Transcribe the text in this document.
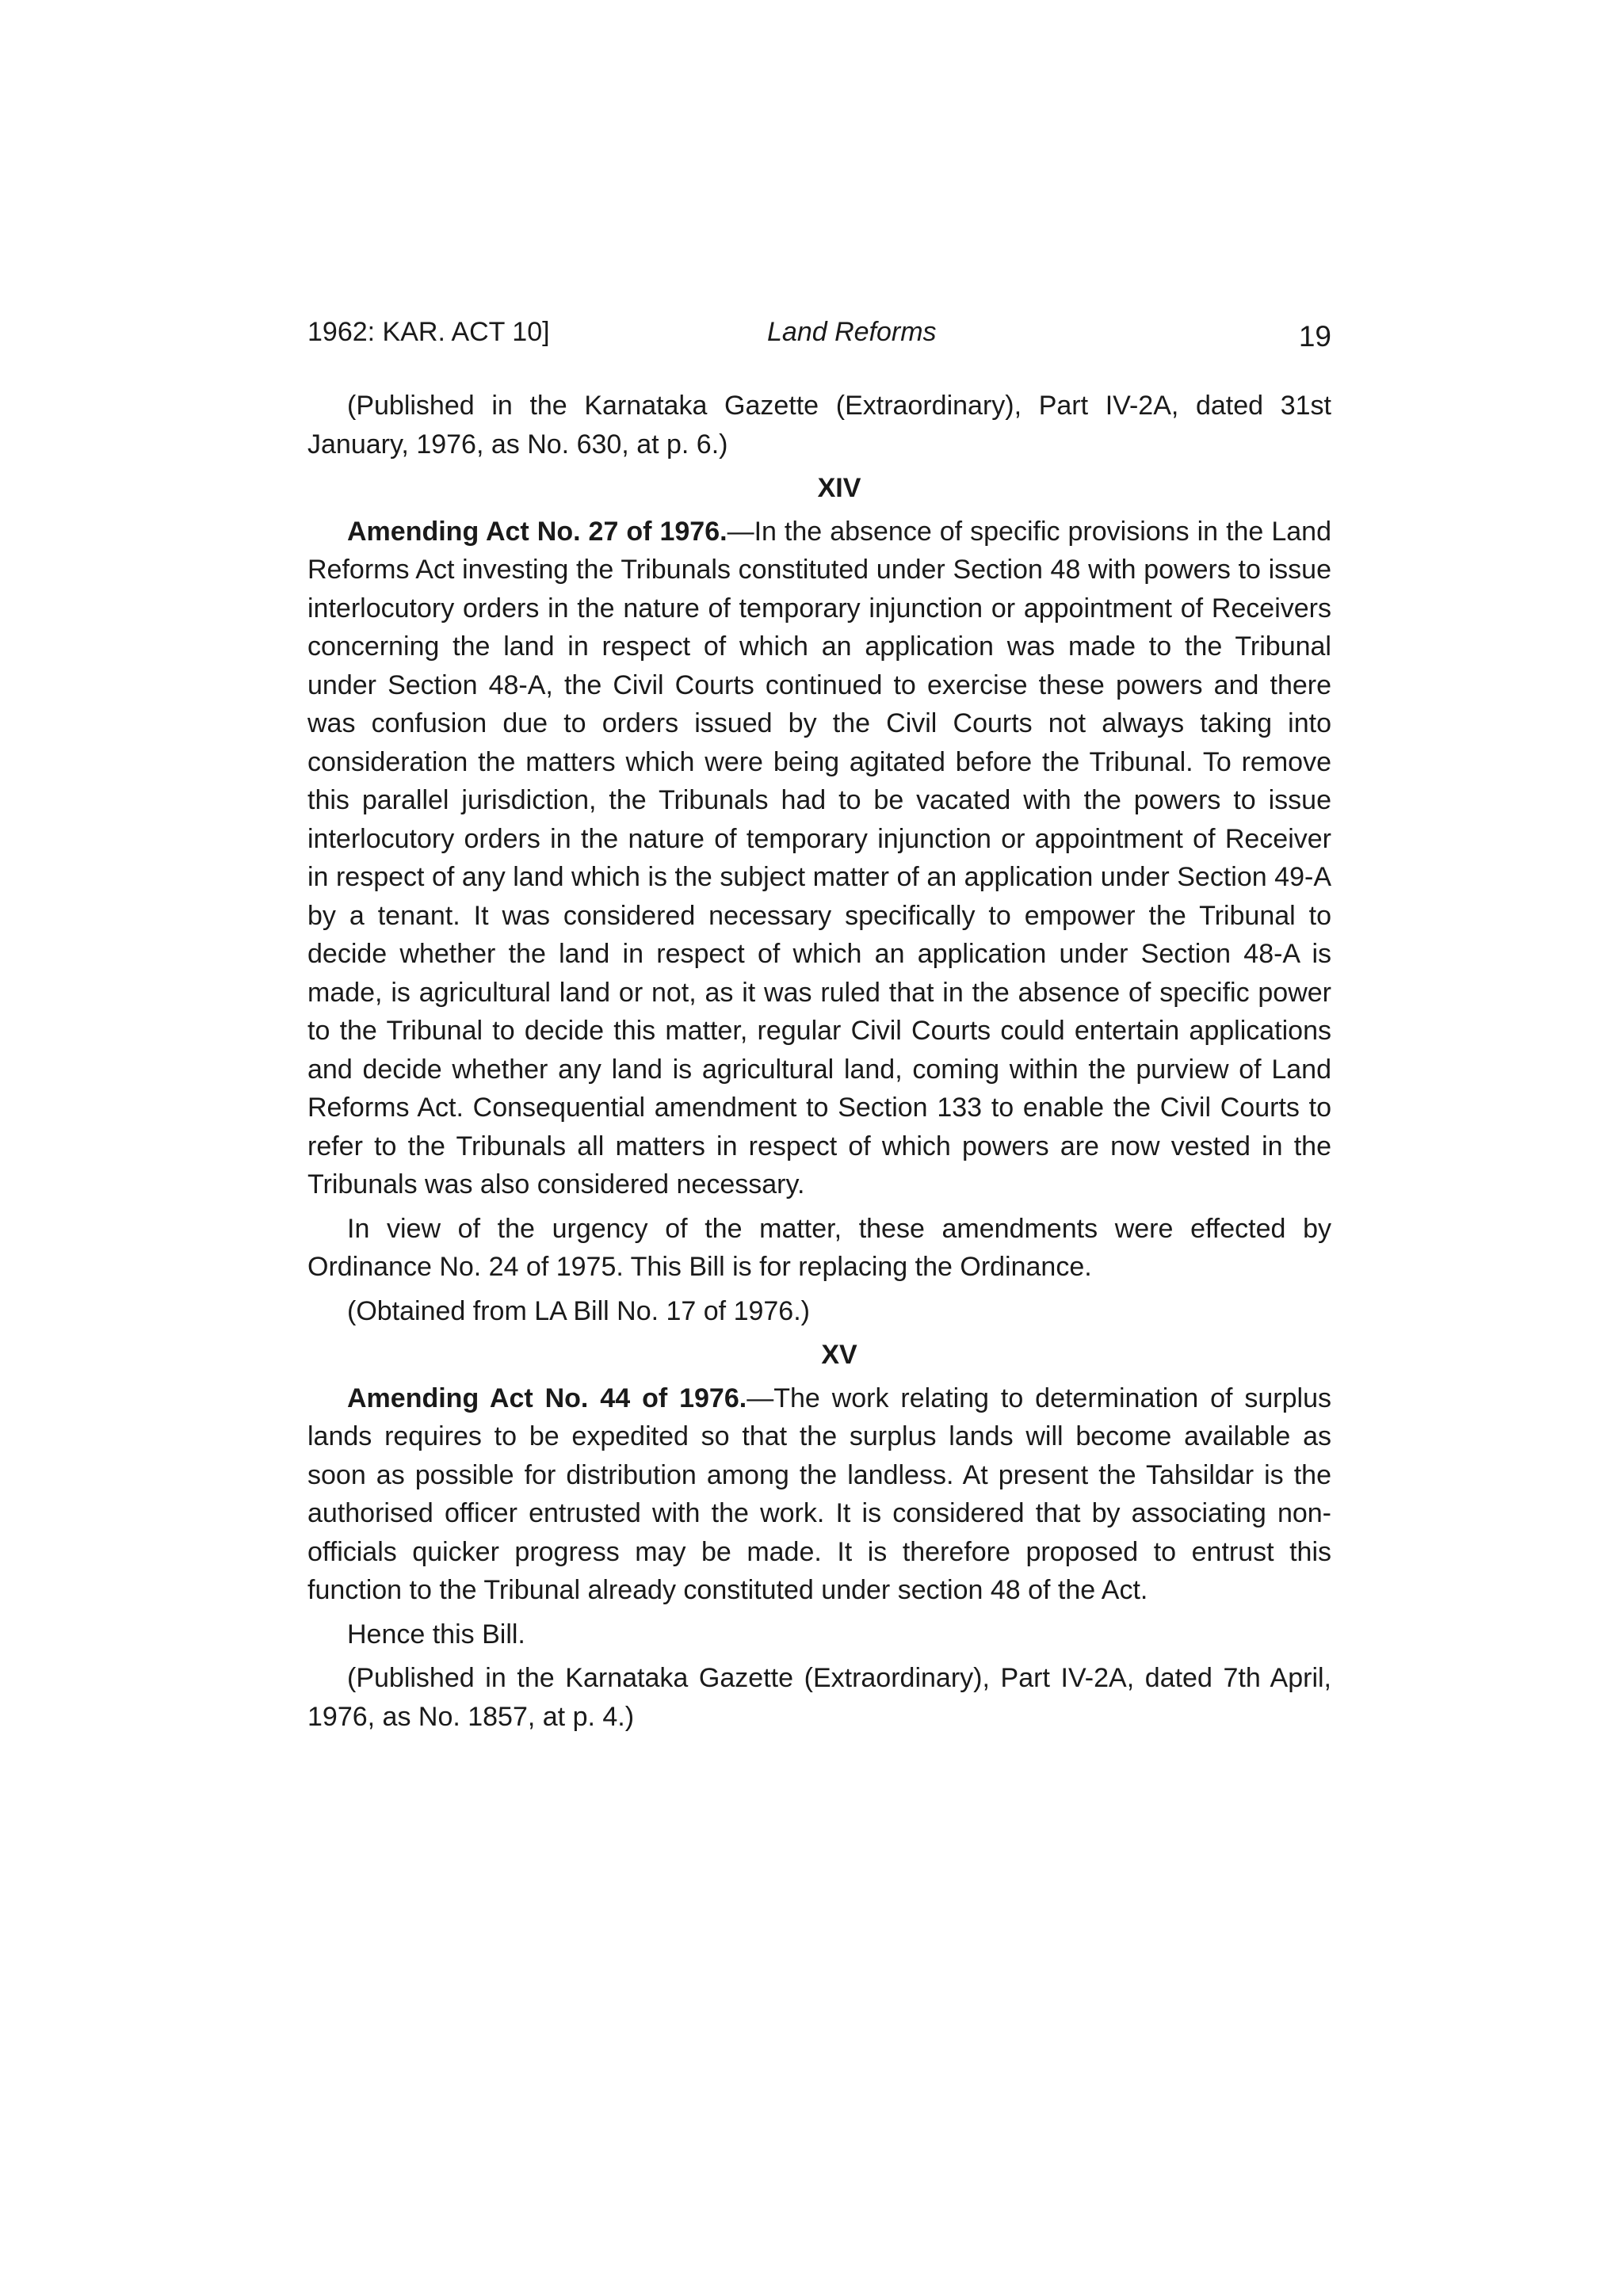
1962: KAR. ACT 10]	Land Reforms	19

(Published in the Karnataka Gazette (Extraordinary), Part IV-2A, dated 31st January, 1976, as No. 630, at p. 6.)

XIV

Amending Act No. 27 of 1976.—In the absence of specific provisions in the Land Reforms Act investing the Tribunals constituted under Section 48 with powers to issue interlocutory orders in the nature of temporary injunction or appointment of Receivers concerning the land in respect of which an application was made to the Tribunal under Section 48-A, the Civil Courts continued to exercise these powers and there was confusion due to orders issued by the Civil Courts not always taking into consideration the matters which were being agitated before the Tribunal. To remove this parallel jurisdiction, the Tribunals had to be vacated with the powers to issue interlocutory orders in the nature of temporary injunction or appointment of Receiver in respect of any land which is the subject matter of an application under Section 49-A by a tenant. It was considered necessary specifically to empower the Tribunal to decide whether the land in respect of which an application under Section 48-A is made, is agricultural land or not, as it was ruled that in the absence of specific power to the Tribunal to decide this matter, regular Civil Courts could entertain applications and decide whether any land is agricultural land, coming within the purview of Land Reforms Act. Consequential amendment to Section 133 to enable the Civil Courts to refer to the Tribunals all matters in respect of which powers are now vested in the Tribunals was also considered necessary.

In view of the urgency of the matter, these amendments were effected by Ordinance No. 24 of 1975. This Bill is for replacing the Ordinance.

(Obtained from LA Bill No. 17 of 1976.)

XV

Amending Act No. 44 of 1976.—The work relating to determination of surplus lands requires to be expedited so that the surplus lands will become available as soon as possible for distribution among the landless. At present the Tahsildar is the authorised officer entrusted with the work. It is considered that by associating non-officials quicker progress may be made. It is therefore proposed to entrust this function to the Tribunal already constituted under section 48 of the Act.

Hence this Bill.

(Published in the Karnataka Gazette (Extraordinary), Part IV-2A, dated 7th April, 1976, as No. 1857, at p. 4.)
